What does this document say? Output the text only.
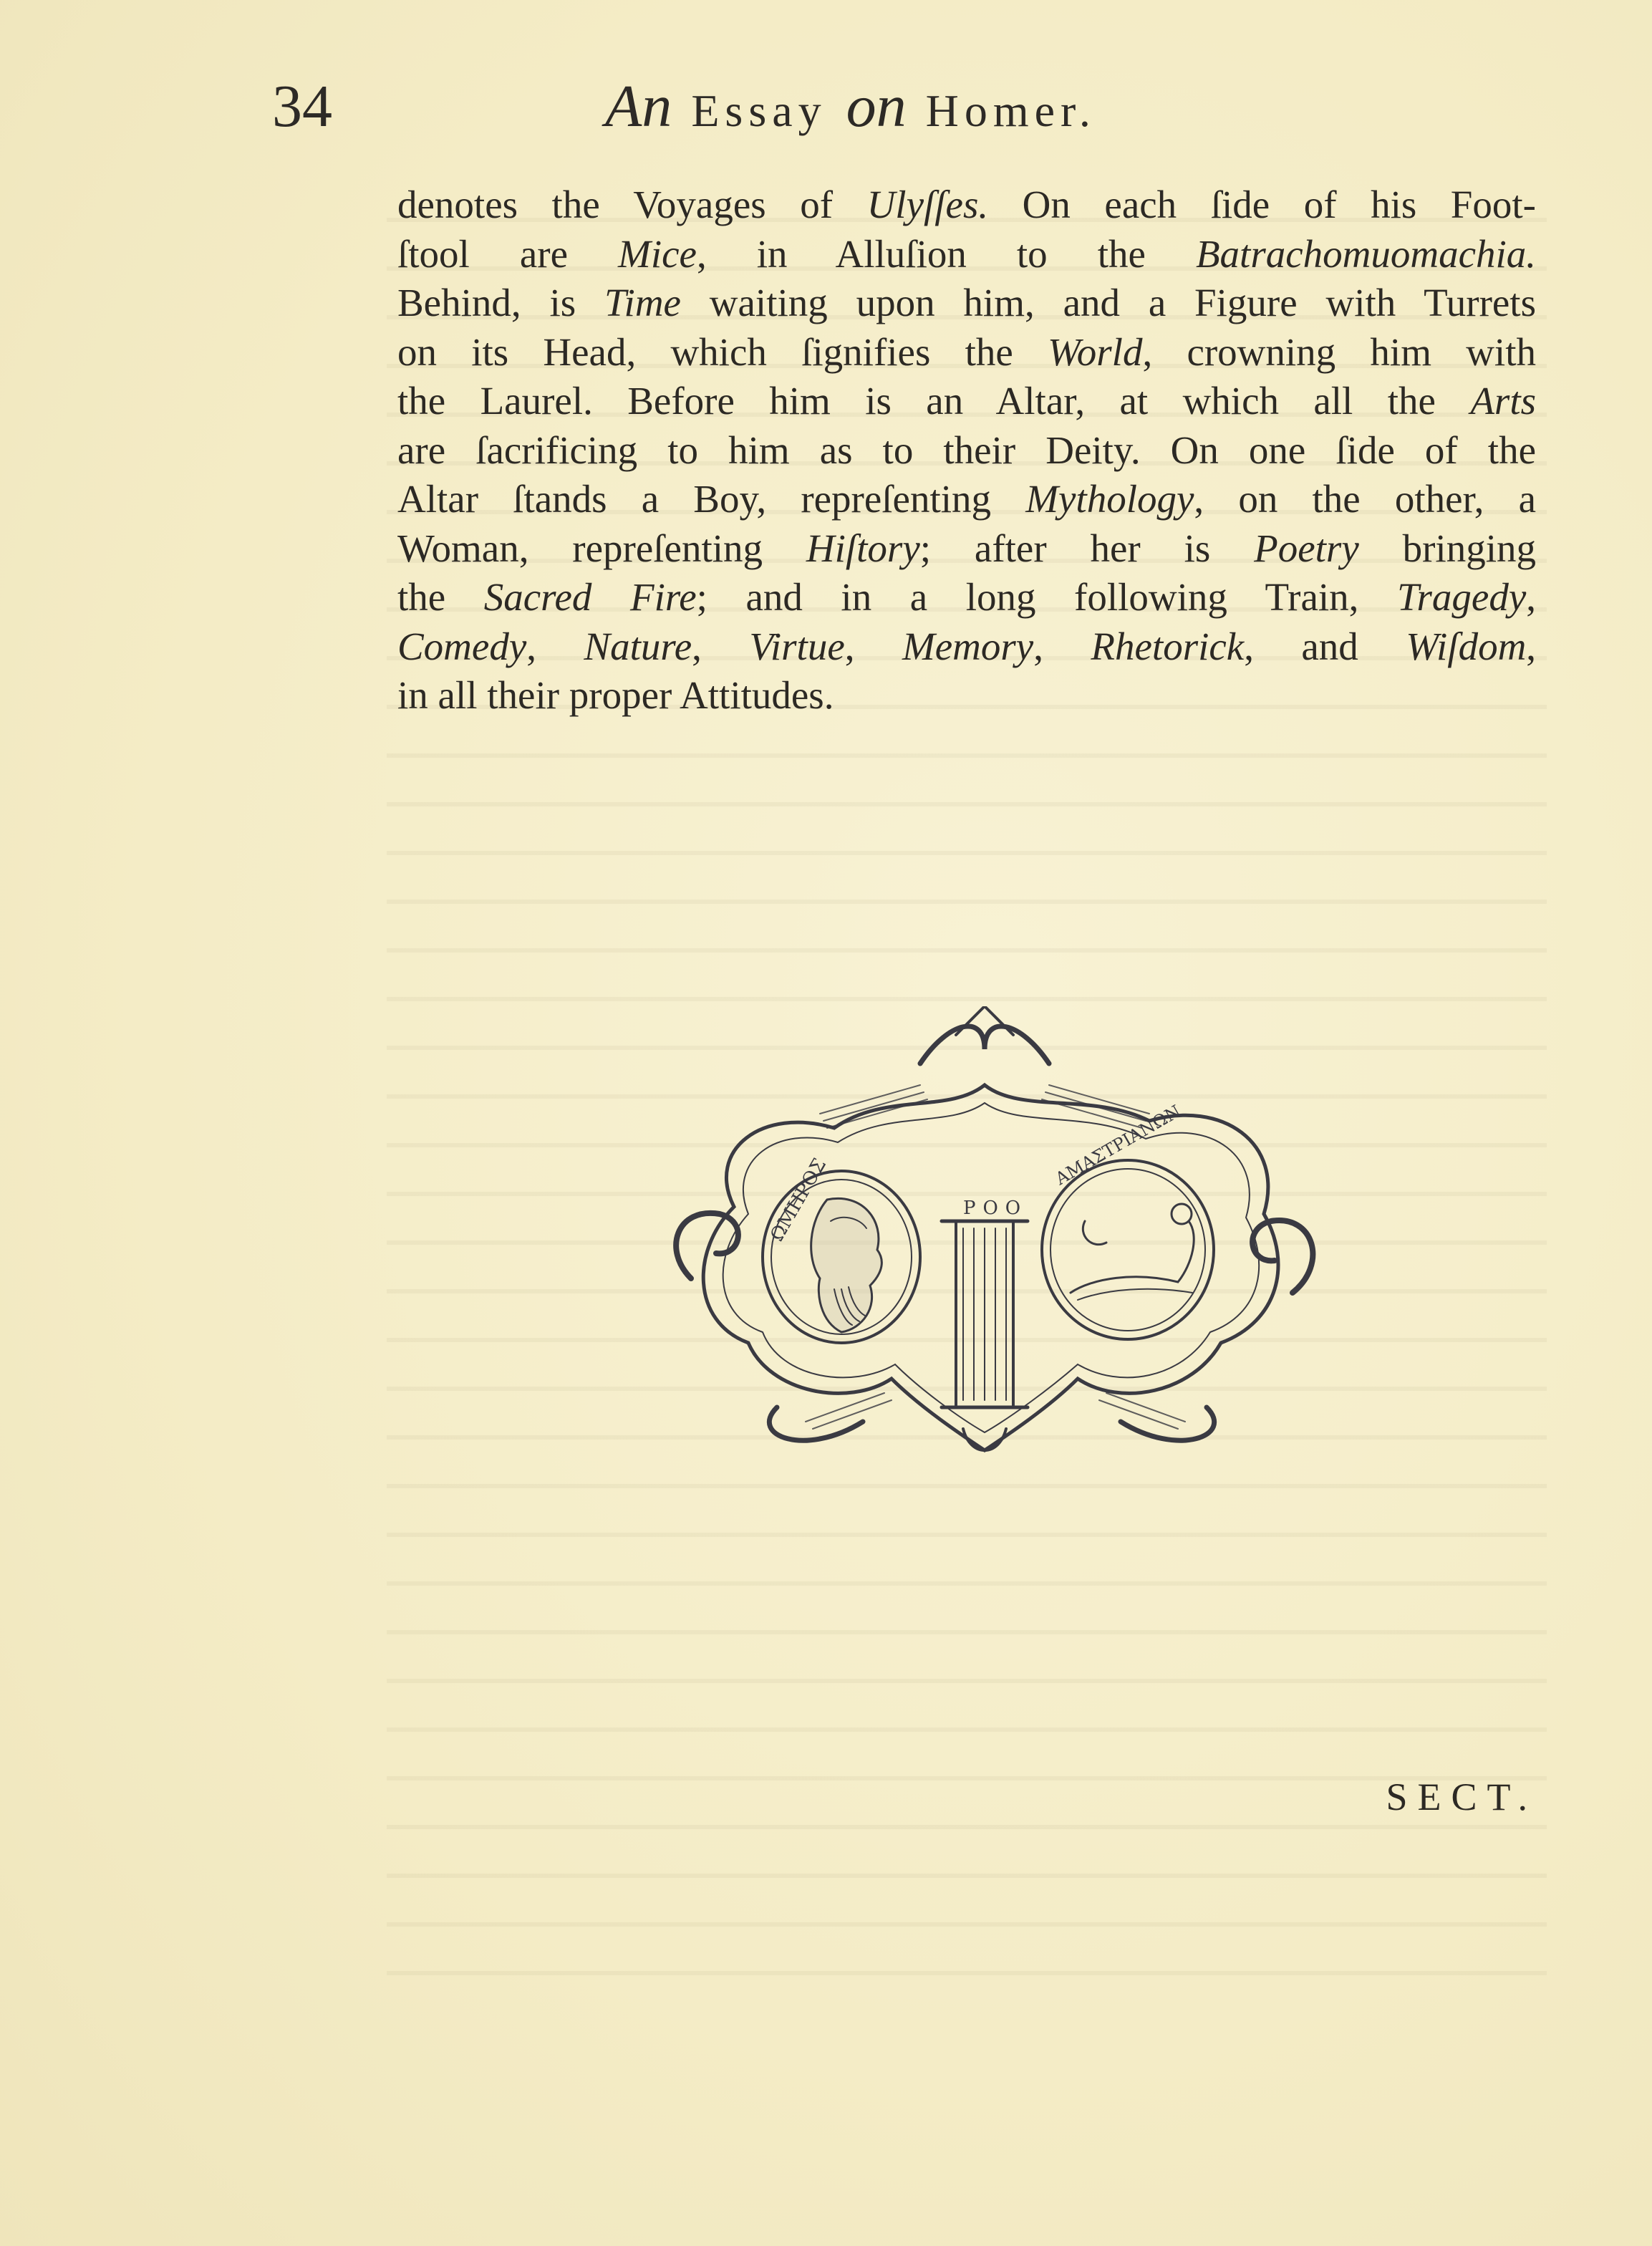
34	An Essay on Homer.
denotes the Voyages of Ulyſſes. On each ſide of his Foot-
ſtool are Mice, in Alluſion to the Batrachomuomachia.
Behind, is Time waiting upon him, and a Figure with Turrets
on its Head, which ſignifies the World, crowning him with
the Laurel. Before him is an Altar, at which all the Arts
are ſacrificing to him as to their Deity. On one ſide of the
Altar ſtands a Boy, repreſenting Mythology, on the other, a
Woman, repreſenting Hiſtory; after her is Poetry bringing
the Sacred Fire; and in a long following Train, Tragedy,
Comedy, Nature, Virtue, Memory, Rhetorick, and Wiſdom,
in all their proper Attitudes.
ΩΜΗΡΟΣ
ΑΜΑΣΤΡΙΑΝΩΝ
ΡΟΟ
SECT.
